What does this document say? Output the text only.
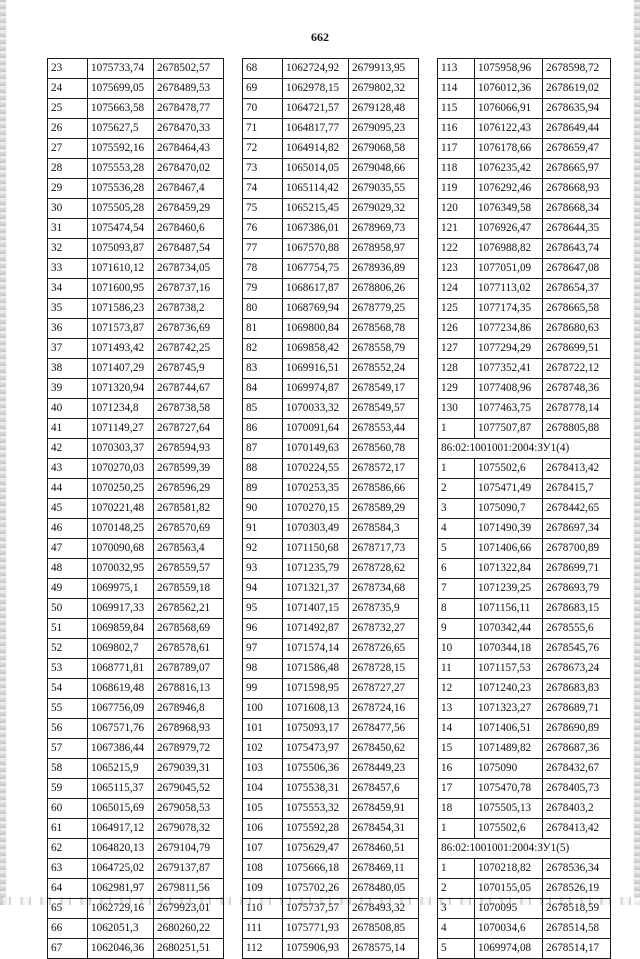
662
23	1075733,74	2678502,57
24	1075699,05	2678489,53
25	1075663,58	2678478,77
26	1075627,5	2678470,33
27	1075592,16	2678464,43
28	1075553,28	2678470,02
29	1075536,28	2678467,4
30	1075505,28	2678459,29
31	1075474,54	2678460,6
32	1075093,87	2678487,54
33	1071610,12	2678734,05
34	1071600,95	2678737,16
35	1071586,23	2678738,2
36	1071573,87	2678736,69
37	1071493,42	2678742,25
38	1071407,29	2678745,9
39	1071320,94	2678744,67
40	1071234,8	2678738,58
41	1071149,27	2678727,64
42	1070303,37	2678594,93
43	1070270,03	2678599,39
44	1070250,25	2678596,29
45	1070221,48	2678581,82
46	1070148,25	2678570,69
47	1070090,68	2678563,4
48	1070032,95	2678559,57
49	1069975,1	2678559,18
50	1069917,33	2678562,21
51	1069859,84	2678568,69
52	1069802,7	2678578,61
53	1068771,81	2678789,07
54	1068619,48	2678816,13
55	1067756,09	2678946,8
56	1067571,76	2678968,93
57	1067386,44	2678979,72
58	1065215,9	2679039,31
59	1065115,37	2679045,52
60	1065015,69	2679058,53
61	1064917,12	2679078,32
62	1064820,13	2679104,79
63	1064725,02	2679137,87
64	1062981,97	2679811,56
65	1062729,16	2679923,01
66	1062051,3	2680260,22
67	1062046,36	2680251,51
68	1062724,92	2679913,95
69	1062978,15	2679802,32
70	1064721,57	2679128,48
71	1064817,77	2679095,23
72	1064914,82	2679068,58
73	1065014,05	2679048,66
74	1065114,42	2679035,55
75	1065215,45	2679029,32
76	1067386,01	2678969,73
77	1067570,88	2678958,97
78	1067754,75	2678936,89
79	1068617,87	2678806,26
80	1068769,94	2678779,25
81	1069800,84	2678568,78
82	1069858,42	2678558,79
83	1069916,51	2678552,24
84	1069974,87	2678549,17
85	1070033,32	2678549,57
86	1070091,64	2678553,44
87	1070149,63	2678560,78
88	1070224,55	2678572,17
89	1070253,35	2678586,66
90	1070270,15	2678589,29
91	1070303,49	2678584,3
92	1071150,68	2678717,73
93	1071235,79	2678728,62
94	1071321,37	2678734,68
95	1071407,15	2678735,9
96	1071492,87	2678732,27
97	1071574,14	2678726,65
98	1071586,48	2678728,15
99	1071598,95	2678727,27
100	1071608,13	2678724,16
101	1075093,17	2678477,56
102	1075473,97	2678450,62
103	1075506,36	2678449,23
104	1075538,31	2678457,6
105	1075553,32	2678459,91
106	1075592,28	2678454,31
107	1075629,47	2678460,51
108	1075666,18	2678469,11
109	1075702,26	2678480,05
110	1075737,57	2678493,32
111	1075771,93	2678508,85
112	1075906,93	2678575,14
113	1075958,96	2678598,72
114	1076012,36	2678619,02
115	1076066,91	2678635,94
116	1076122,43	2678649,44
117	1076178,66	2678659,47
118	1076235,42	2678665,97
119	1076292,46	2678668,93
120	1076349,58	2678668,34
121	1076926,47	2678644,35
122	1076988,82	2678643,74
123	1077051,09	2678647,08
124	1077113,02	2678654,37
125	1077174,35	2678665,58
126	1077234,86	2678680,63
127	1077294,29	2678699,51
128	1077352,41	2678722,12
129	1077408,96	2678748,36
130	1077463,75	2678778,14
1	1077507,87	2678805,88
86:02:1001001:2004:ЗУ1(4)		
1	1075502,6	2678413,42
2	1075471,49	2678415,7
3	1075090,7	2678442,65
4	1071490,39	2678697,34
5	1071406,66	2678700,89
6	1071322,84	2678699,71
7	1071239,25	2678693,79
8	1071156,11	2678683,15
9	1070342,44	2678555,6
10	1070344,18	2678545,76
11	1071157,53	2678673,24
12	1071240,23	2678683,83
13	1071323,27	2678689,71
14	1071406,51	2678690,89
15	1071489,82	2678687,36
16	1075090	2678432,67
17	1075470,78	2678405,73
18	1075505,13	2678403,2
1	1075502,6	2678413,42
86:02:1001001:2004:ЗУ1(5)		
1	1070218,82	2678536,34
2	1070155,05	2678526,19
3	1070095	2678518,59
4	1070034,6	2678514,58
5	1069974,08	2678514,17
